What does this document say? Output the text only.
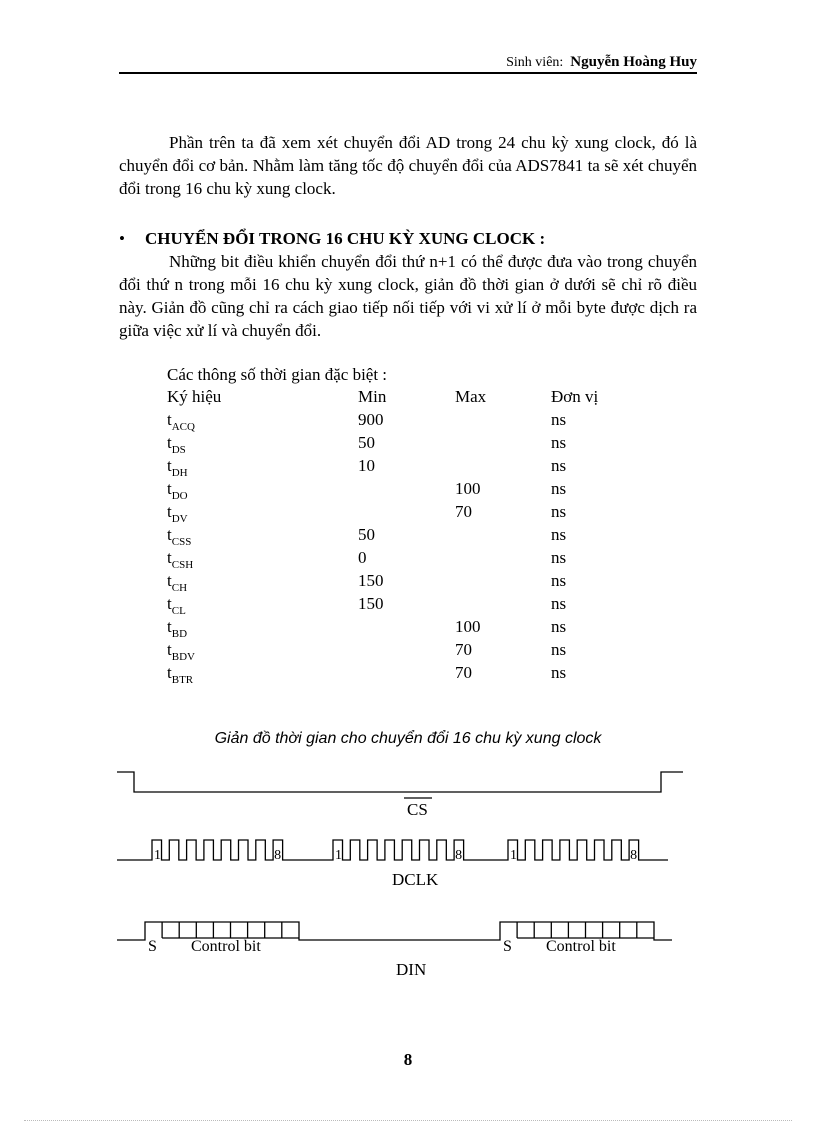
Sinh viên: Nguyễn Hoàng Huy
Phần trên ta đã xem xét chuyển đổi AD trong 24 chu kỳ xung clock, đó là chuyển đổi cơ bản. Nhằm làm tăng tốc độ chuyển đổi của ADS7841 ta sẽ xét chuyển đổi trong 16 chu kỳ xung clock.
• CHUYỂN ĐỔI TRONG 16 CHU KỲ XUNG CLOCK :
Những bit điều khiển chuyển đổi thứ n+1 có thể được đưa vào trong chuyển đổi thứ n trong mỗi 16 chu kỳ xung clock, giản đồ thời gian ở dưới sẽ chỉ rõ điều này. Giản đồ cũng chỉ ra cách giao tiếp nối tiếp với vi xử lí ở mỗi byte được dịch ra giữa việc xử lí và chuyển đổi.
Các thông số thời gian đặc biệt :
Ký hiệu	Min	Max	Đơn vị
$t_{ACQ}$	900		ns
$t_{DS}$	50		ns
$t_{DH}$	10		ns
$t_{DO}$		100	ns
$t_{DV}$		70	ns
$t_{CSS}$	50		ns
$t_{CSH}$	0		ns
$t_{CH}$	150		ns
$t_{CL}$	150		ns
$t_{BD}$		100	ns
$t_{BDV}$		70	ns
$t_{BTR}$		70	ns
Giản đồ thời gian cho chuyển đổi 16 chu kỳ xung clock
CS
1	8	1	8	1	8
DCLK
S Control bit	S Control bit
DIN
8
